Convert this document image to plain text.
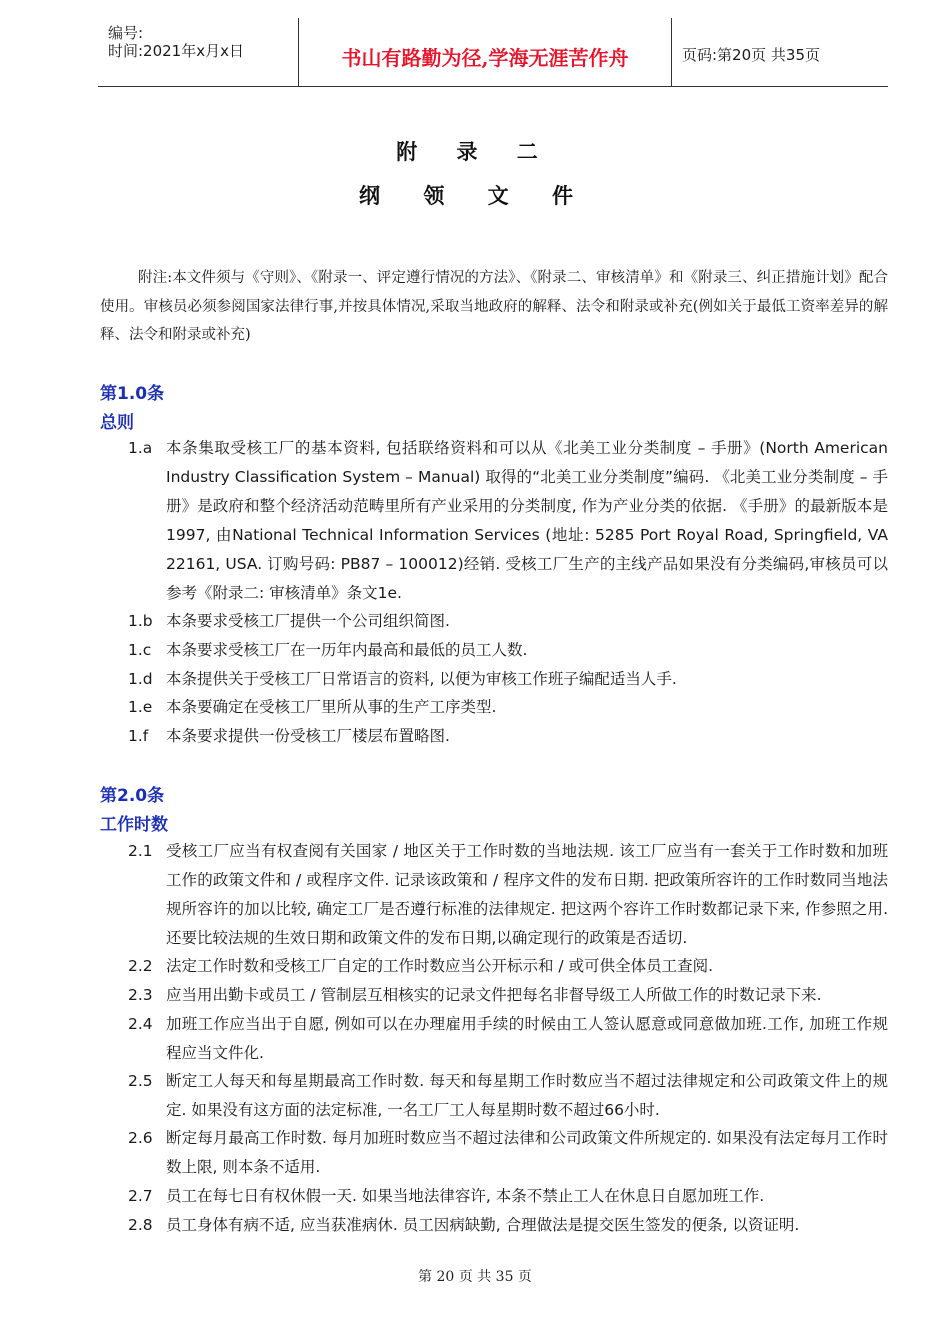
编号:
时间:2021年x月x日	书山有路勤为径,学海无涯苦作舟	页码:第20页 共35页
附 录 二
纲 领 文 件
附注:本文件须与《守则》、《附录一、评定遵行情况的方法》、《附录二、审核清单》和《附录三、纠正措施计划》配合使用。审核员必须参阅国家法律行事,并按具体情况,采取当地政府的解释、法令和附录或补充(例如关于最低工资率差异的解释、法令和附录或补充)
第1.0条
总则
1.a 本条集取受核工厂的基本资料, 包括联络资料和可以从《北美工业分类制度 – 手册》(North American Industry Classification System – Manual) 取得的“北美工业分类制度”编码. 《北美工业分类制度 – 手册》是政府和整个经济活动范畴里所有产业采用的分类制度, 作为产业分类的依据. 《手册》的最新版本是1997, 由National Technical Information Services (地址: 5285 Port Royal Road, Springfield, VA 22161, USA. 订购号码: PB87 – 100012)经销. 受核工厂生产的主线产品如果没有分类编码,审核员可以参考《附录二: 审核清单》条文1e.
1.b 本条要求受核工厂提供一个公司组织简图.
1.c 本条要求受核工厂在一历年内最高和最低的员工人数.
1.d 本条提供关于受核工厂日常语言的资料, 以便为审核工作班子编配适当人手.
1.e 本条要确定在受核工厂里所从事的生产工序类型.
1.f 本条要求提供一份受核工厂楼层布置略图.
第2.0条
工作时数
2.1 受核工厂应当有权查阅有关国家 / 地区关于工作时数的当地法规. 该工厂应当有一套关于工作时数和加班工作的政策文件和 / 或程序文件. 记录该政策和 / 程序文件的发布日期. 把政策所容许的工作时数同当地法规所容许的加以比较, 确定工厂是否遵行标准的法律规定. 把这两个容许工作时数都记录下来, 作参照之用. 还要比较法规的生效日期和政策文件的发布日期,以确定现行的政策是否适切.
2.2 法定工作时数和受核工厂自定的工作时数应当公开标示和 / 或可供全体员工查阅.
2.3 应当用出勤卡或员工 / 管制层互相核实的记录文件把每名非督导级工人所做工作的时数记录下来.
2.4 加班工作应当出于自愿, 例如可以在办理雇用手续的时候由工人签认愿意或同意做加班.工作, 加班工作规程应当文件化.
2.5 断定工人每天和每星期最高工作时数. 每天和每星期工作时数应当不超过法律规定和公司政策文件上的规定. 如果没有这方面的法定标准, 一名工厂工人每星期时数不超过66小时.
2.6 断定每月最高工作时数. 每月加班时数应当不超过法律和公司政策文件所规定的. 如果没有法定每月工作时数上限, 则本条不适用.
2.7 员工在每七日有权休假一天. 如果当地法律容许, 本条不禁止工人在休息日自愿加班工作.
2.8 员工身体有病不适, 应当获准病休. 员工因病缺勤, 合理做法是提交医生签发的便条, 以资证明.
第 20 页 共 35 页
